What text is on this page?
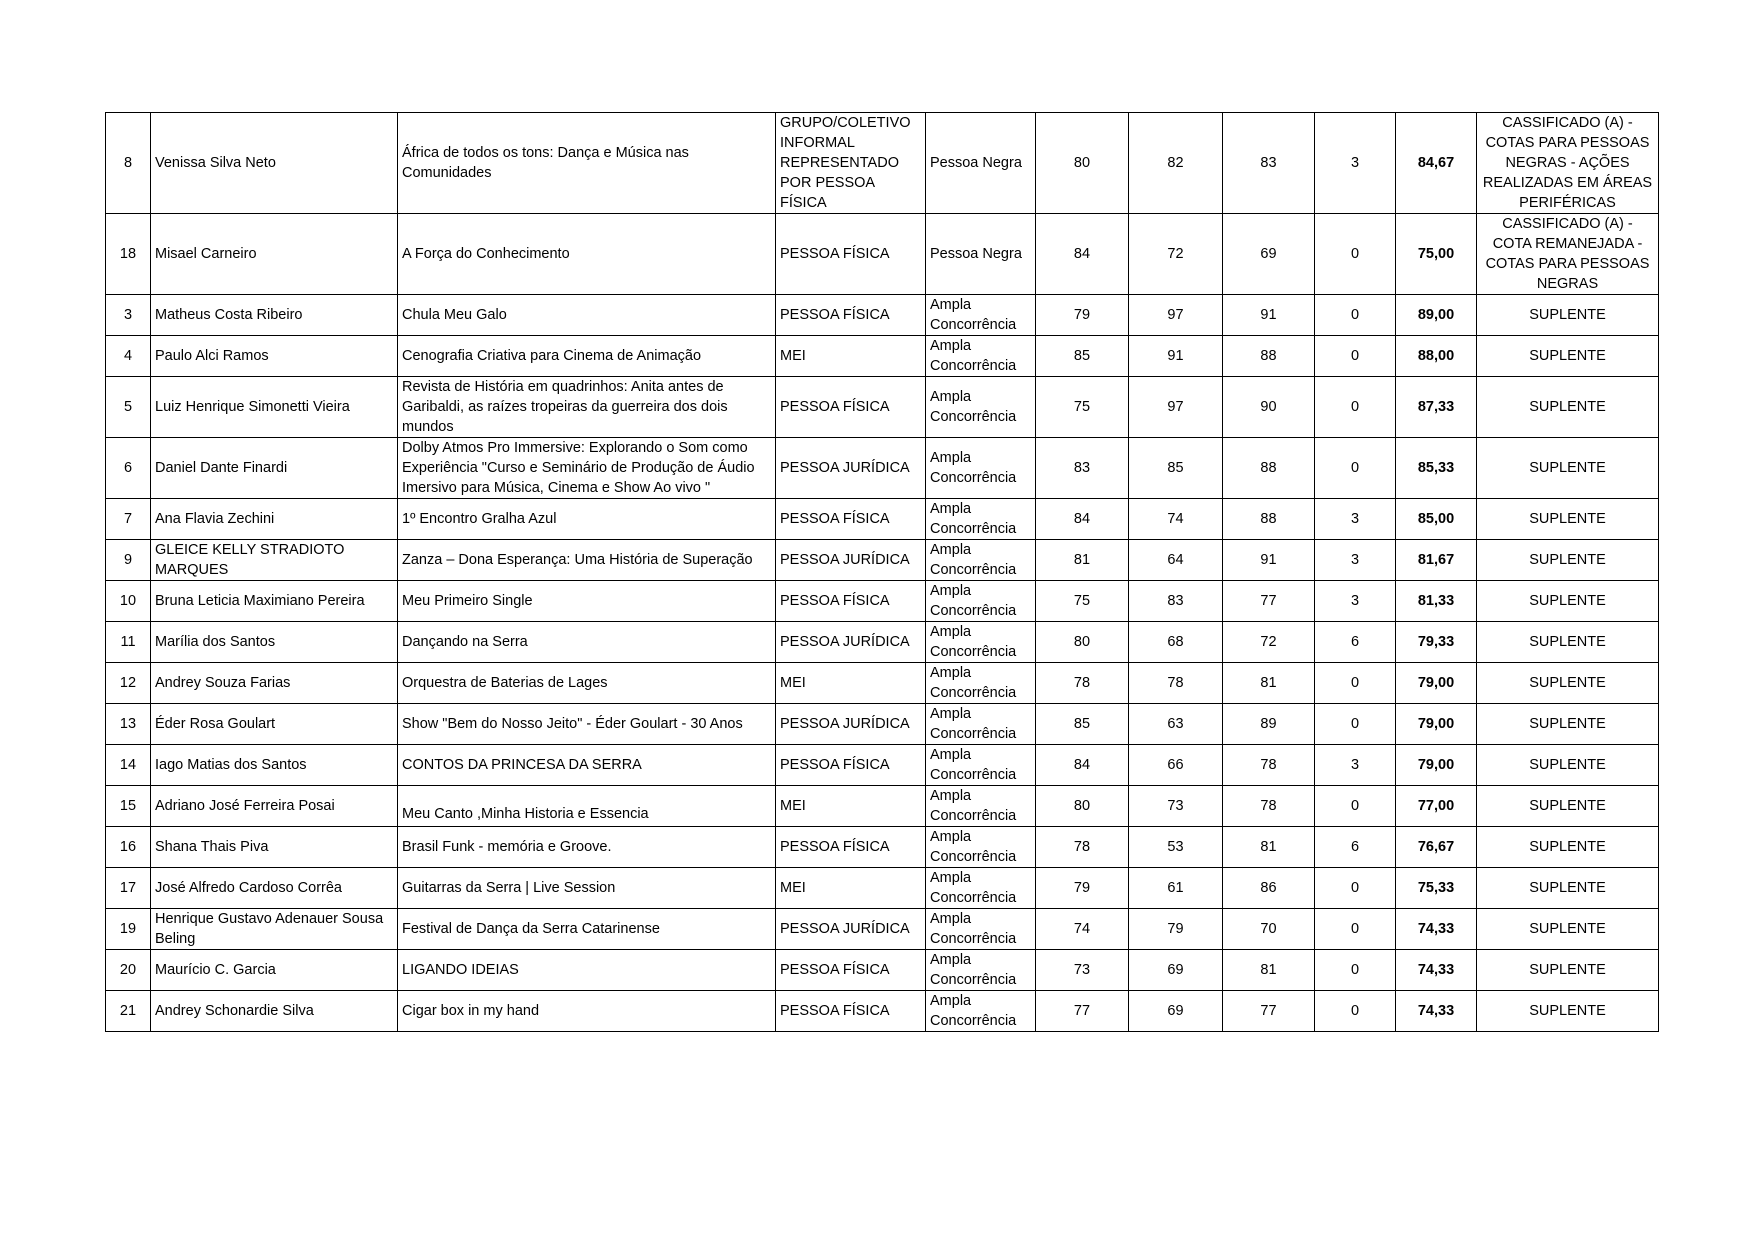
8	Venissa Silva Neto	África de todos os tons: Dança e Música nas Comunidades	GRUPO/COLETIVO INFORMAL REPRESENTADO POR PESSOA FÍSICA	Pessoa Negra	80	82	83	3	84,67	CASSIFICADO (A) - COTAS PARA PESSOAS NEGRAS - AÇÕES REALIZADAS EM ÁREAS PERIFÉRICAS
18	Misael Carneiro	A Força do Conhecimento	PESSOA FÍSICA	Pessoa Negra	84	72	69	0	75,00	CASSIFICADO (A) - COTA REMANEJADA - COTAS PARA PESSOAS NEGRAS
3	Matheus Costa Ribeiro	Chula Meu Galo	PESSOA FÍSICA	Ampla Concorrência	79	97	91	0	89,00	SUPLENTE
4	Paulo Alci Ramos	Cenografia Criativa para Cinema de Animação	MEI	Ampla Concorrência	85	91	88	0	88,00	SUPLENTE
5	Luiz Henrique Simonetti Vieira	Revista de História em quadrinhos: Anita antes de Garibaldi, as raízes tropeiras da guerreira dos dois mundos	PESSOA FÍSICA	Ampla Concorrência	75	97	90	0	87,33	SUPLENTE
6	Daniel Dante Finardi	Dolby Atmos Pro Immersive: Explorando o Som como Experiência "Curso e Seminário de Produção de Áudio Imersivo para Música, Cinema e Show Ao vivo "	PESSOA JURÍDICA	Ampla Concorrência	83	85	88	0	85,33	SUPLENTE
7	Ana Flavia Zechini	1º Encontro Gralha Azul	PESSOA FÍSICA	Ampla Concorrência	84	74	88	3	85,00	SUPLENTE
9	GLEICE KELLY STRADIOTO MARQUES	Zanza – Dona Esperança: Uma História de Superação	PESSOA JURÍDICA	Ampla Concorrência	81	64	91	3	81,67	SUPLENTE
10	Bruna Leticia Maximiano Pereira	Meu Primeiro Single	PESSOA FÍSICA	Ampla Concorrência	75	83	77	3	81,33	SUPLENTE
11	Marília dos Santos	Dançando na Serra	PESSOA JURÍDICA	Ampla Concorrência	80	68	72	6	79,33	SUPLENTE
12	Andrey Souza Farias	Orquestra de Baterias de Lages	MEI	Ampla Concorrência	78	78	81	0	79,00	SUPLENTE
13	Éder Rosa Goulart	Show "Bem do Nosso Jeito" - Éder Goulart - 30 Anos	PESSOA JURÍDICA	Ampla Concorrência	85	63	89	0	79,00	SUPLENTE
14	Iago Matias dos Santos	CONTOS DA PRINCESA DA SERRA	PESSOA FÍSICA	Ampla Concorrência	84	66	78	3	79,00	SUPLENTE
15	Adriano José Ferreira Posai	Meu Canto ,Minha Historia e Essencia	MEI	Ampla Concorrência	80	73	78	0	77,00	SUPLENTE
16	Shana Thais Piva	Brasil Funk - memória e Groove.	PESSOA FÍSICA	Ampla Concorrência	78	53	81	6	76,67	SUPLENTE
17	José Alfredo Cardoso Corrêa	Guitarras da Serra | Live Session	MEI	Ampla Concorrência	79	61	86	0	75,33	SUPLENTE
19	Henrique Gustavo Adenauer Sousa Beling	Festival de Dança da Serra Catarinense	PESSOA JURÍDICA	Ampla Concorrência	74	79	70	0	74,33	SUPLENTE
20	Maurício C. Garcia	LIGANDO IDEIAS	PESSOA FÍSICA	Ampla Concorrência	73	69	81	0	74,33	SUPLENTE
21	Andrey Schonardie Silva	Cigar box in my hand	PESSOA FÍSICA	Ampla Concorrência	77	69	77	0	74,33	SUPLENTE
